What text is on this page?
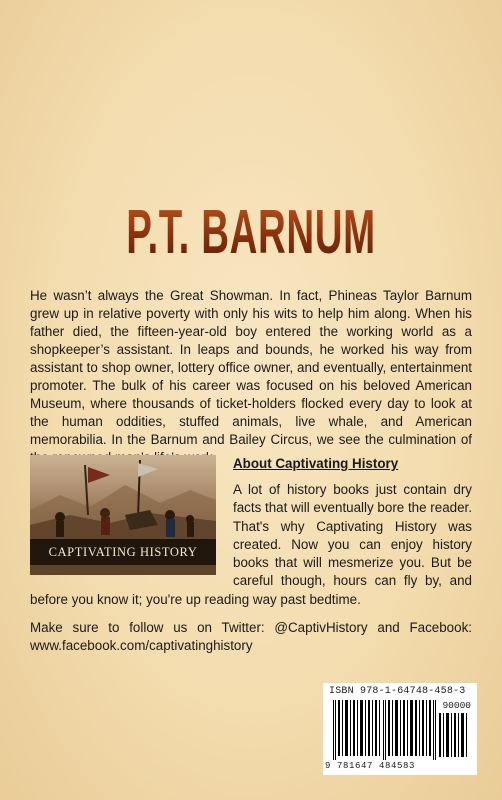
P.T. BARNUM

He wasn’t always the Great Showman. In fact, Phineas Taylor Barnum grew up in relative poverty with only his wits to help him along. When his father died, the fifteen-year-old boy entered the working world as a shopkeeper’s assistant. In leaps and bounds, he worked his way from assistant to shop owner, lottery office owner, and eventually, entertainment promoter. The bulk of his career was focused on his beloved American Museum, where thousands of ticket-holders flocked every day to look at the human oddities, stuffed animals, live whale, and American memorabilia. In the Barnum and Bailey Circus, we see the culmination of

CAPTIVATING HISTORY
About Captivating History

A lot of history books just contain dry facts that will eventually bore the reader. That's why Captivating History was created. Now you can enjoy history books that will mesmerize you. But be careful though, hours can fly by, and before you know it; you're up reading way past bedtime.

Make sure to follow us on Twitter: @CaptivHistory and Facebook: www.facebook.com/captivatinghistory

ISBN 978-1-64748-458-3
90000
9 781647 484583
